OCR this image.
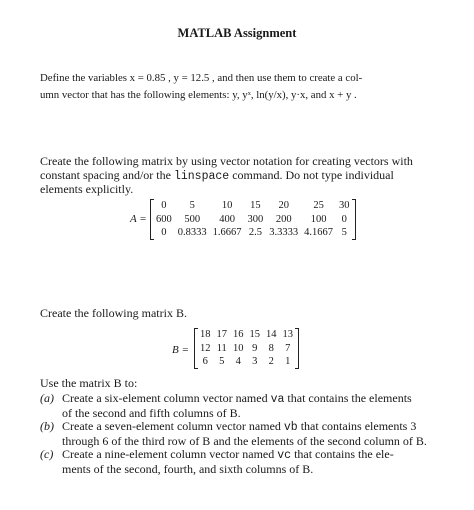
MATLAB Assignment
Define the variables x = 0.85 , y = 12.5 , and then use them to create a col-
umn vector that has the following elements: y, yˣ, ln(y/x), y·x, and x + y .
Create the following matrix by using vector notation for creating vectors with
constant spacing and/or the linspace command. Do not type individual
elements explicitly.
A =
0	5	10	15	20	25	30
600	500	400	300	200	100	0
0	0.8333	1.6667	2.5	3.3333	4.1667	5
Create the following matrix B.
B =
18	17	16	15	14	13
12	11	10	9	8	7
6	5	4	3	2	1
Use the matrix B to:
(a) Create a six-element column vector named va that contains the elements
of the second and fifth columns of B.
(b) Create a seven-element column vector named vb that contains elements 3
through 6 of the third row of B and the elements of the second column of B.
(c) Create a nine-element column vector named vc that contains the ele-
ments of the second, fourth, and sixth columns of B.
